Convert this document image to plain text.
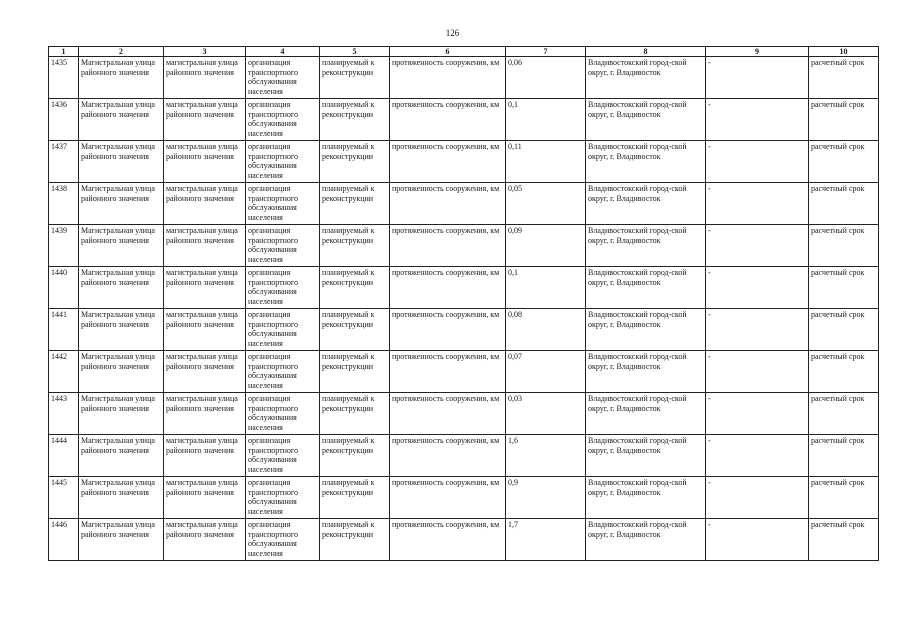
126
1	2	3	4	5	6	7	8	9	10
1435	Магистральная улица районного значения	магистральная улица районного значения	организация транспортного обслуживания населения	планируемый к реконструкции	протяженность сооружения, км	0,06	Владивостокский город-ской округ, г. Владивосток	-	расчетный срок
1436	Магистральная улица районного значения	магистральная улица районного значения	организация транспортного обслуживания населения	планируемый к реконструкции	протяженность сооружения, км	0,1	Владивостокский город-ской округ, г. Владивосток	-	расчетный срок
1437	Магистральная улица районного значения	магистральная улица районного значения	организация транспортного обслуживания населения	планируемый к реконструкции	протяженность сооружения, км	0,11	Владивостокский город-ской округ, г. Владивосток	-	расчетный срок
1438	Магистральная улица районного значения	магистральная улица районного значения	организация транспортного обслуживания населения	планируемый к реконструкции	протяженность сооружения, км	0,05	Владивостокский город-ской округ, г. Владивосток	-	расчетный срок
1439	Магистральная улица районного значения	магистральная улица районного значения	организация транспортного обслуживания населения	планируемый к реконструкции	протяженность сооружения, км	0,09	Владивостокский город-ской округ, г. Владивосток	-	расчетный срок
1440	Магистральная улица районного значения	магистральная улица районного значения	организация транспортного обслуживания населения	планируемый к реконструкции	протяженность сооружения, км	0,1	Владивостокский город-ской округ, г. Владивосток	-	расчетный срок
1441	Магистральная улица районного значения	магистральная улица районного значения	организация транспортного обслуживания населения	планируемый к реконструкции	протяженность сооружения, км	0,08	Владивостокский город-ской округ, г. Владивосток	-	расчетный срок
1442	Магистральная улица районного значения	магистральная улица районного значения	организация транспортного обслуживания населения	планируемый к реконструкции	протяженность сооружения, км	0,07	Владивостокский город-ской округ, г. Владивосток	-	расчетный срок
1443	Магистральная улица районного значения	магистральная улица районного значения	организация транспортного обслуживания населения	планируемый к реконструкции	протяженность сооружения, км	0,03	Владивостокский город-ской округ, г. Владивосток	-	расчетный срок
1444	Магистральная улица районного значения	магистральная улица районного значения	организация транспортного обслуживания населения	планируемый к реконструкции	протяженность сооружения, км	1,6	Владивостокский город-ской округ, г. Владивосток	-	расчетный срок
1445	Магистральная улица районного значения	магистральная улица районного значения	организация транспортного обслуживания населения	планируемый к реконструкции	протяженность сооружения, км	0,9	Владивостокский город-ской округ, г. Владивосток	-	расчетный срок
1446	Магистральная улица районного значения	магистральная улица районного значения	организация транспортного обслуживания населения	планируемый к реконструкции	протяженность сооружения, км	1,7	Владивостокский город-ской округ, г. Владивосток	-	расчетный срок
